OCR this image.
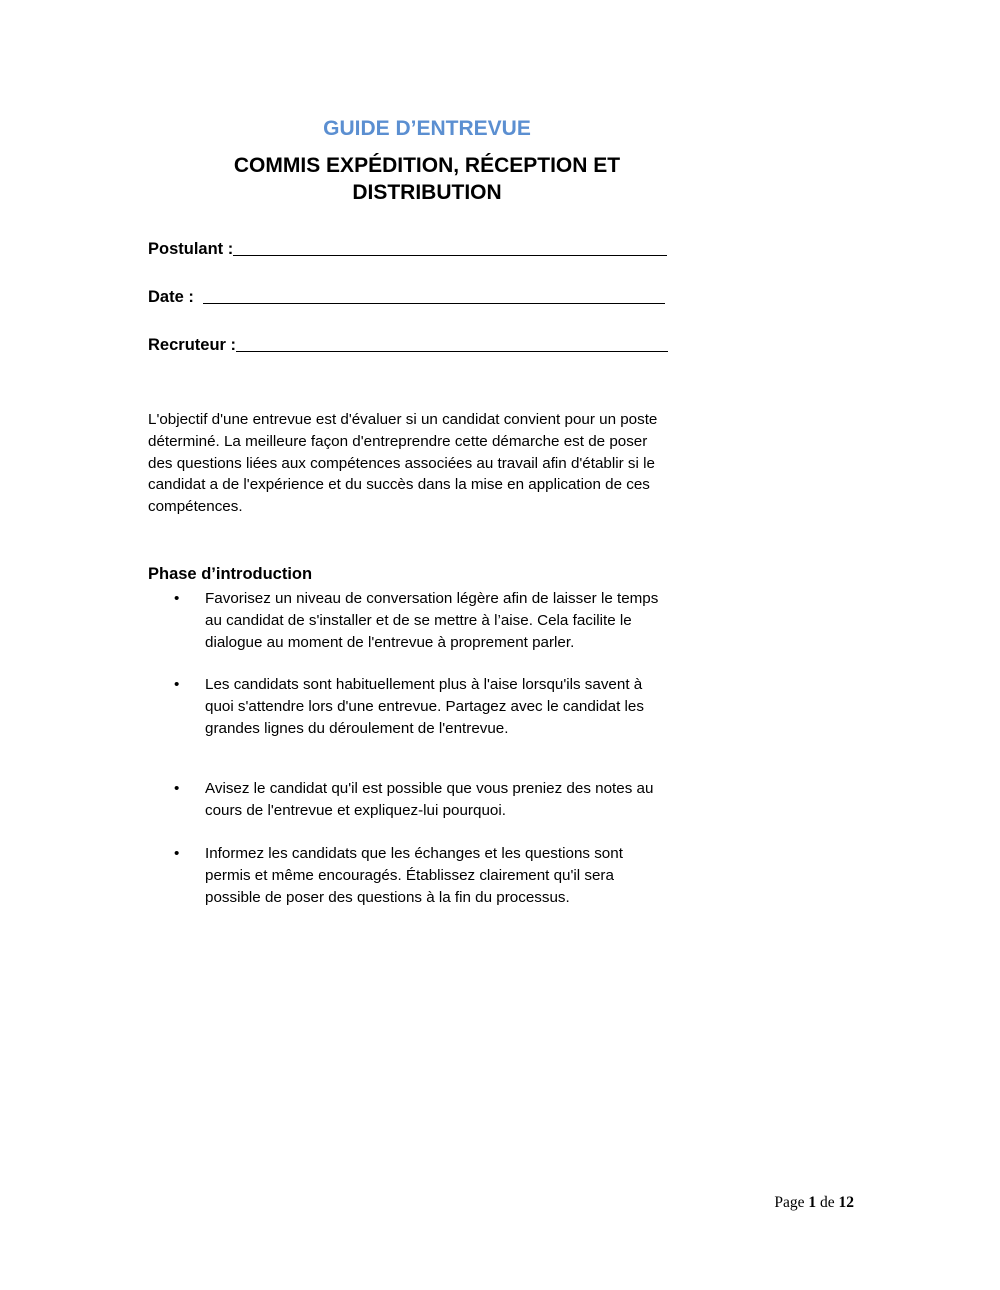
GUIDE D’ENTREVUE
COMMIS EXPÉDITION, RÉCEPTION ET
DISTRIBUTION
Postulant :
Date :
Recruteur :
L'objectif d'une entrevue est d'évaluer si un candidat convient pour un poste
déterminé. La meilleure façon d'entreprendre cette démarche est de poser
des questions liées aux compétences associées au travail afin d'établir si le
candidat a de l'expérience et du succès dans la mise en application de ces
compétences.
Phase d’introduction
• Favorisez un niveau de conversation légère afin de laisser le temps
au candidat de s'installer et de se mettre à l’aise. Cela facilite le
dialogue au moment de l'entrevue à proprement parler.
• Les candidats sont habituellement plus à l'aise lorsqu'ils savent à
quoi s'attendre lors d'une entrevue. Partagez avec le candidat les
grandes lignes du déroulement de l'entrevue.
• Avisez le candidat qu'il est possible que vous preniez des notes au
cours de l'entrevue et expliquez-lui pourquoi.
• Informez les candidats que les échanges et les questions sont
permis et même encouragés. Établissez clairement qu'il sera
possible de poser des questions à la fin du processus.
Page 1 de 12
